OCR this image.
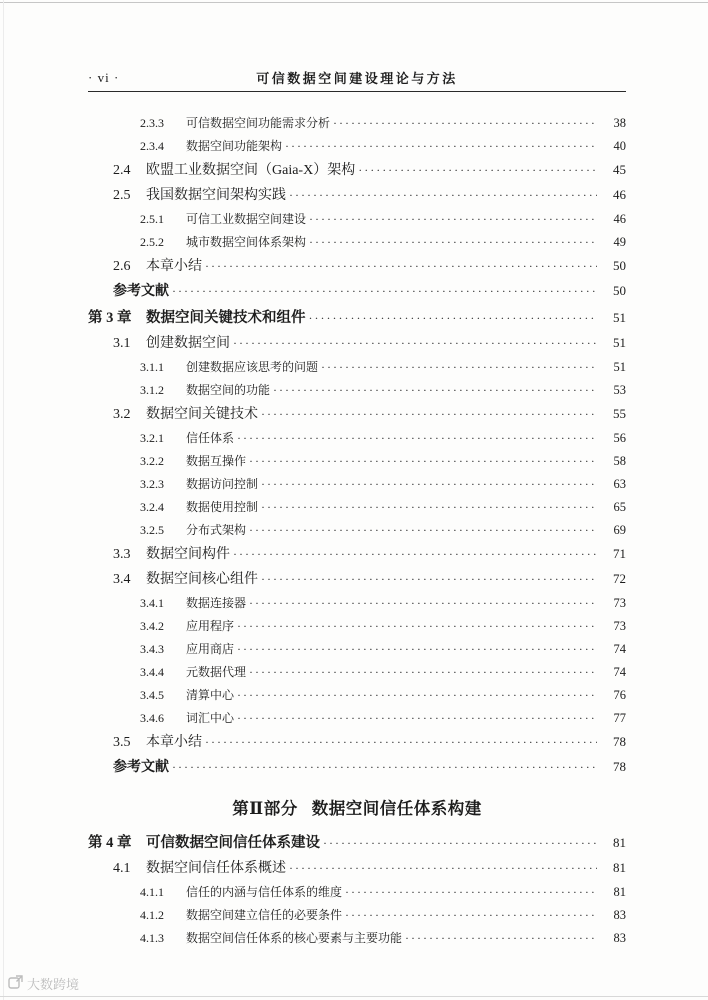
· vi ·	可信数据空间建设理论与方法
2.3.3	可信数据空间功能需求分析 ·····	38
2.3.4	数据空间功能架构 ·····	40
2.4	欧盟工业数据空间（Gaia-X）架构 ·····	45
2.5	我国数据空间架构实践 ·····	46
2.5.1	可信工业数据空间建设 ·····	46
2.5.2	城市数据空间体系架构 ·····	49
2.6	本章小结 ·····	50
参考文献 ·····	50
第 3 章	数据空间关键技术和组件 ·····	51
3.1	创建数据空间 ·····	51
3.1.1	创建数据应该思考的问题 ·····	51
3.1.2	数据空间的功能 ·····	53
3.2	数据空间关键技术 ·····	55
3.2.1	信任体系 ·····	56
3.2.2	数据互操作 ·····	58
3.2.3	数据访问控制 ·····	63
3.2.4	数据使用控制 ·····	65
3.2.5	分布式架构 ·····	69
3.3	数据空间构件 ·····	71
3.4	数据空间核心组件 ·····	72
3.4.1	数据连接器 ·····	73
3.4.2	应用程序 ·····	73
3.4.3	应用商店 ·····	74
3.4.4	元数据代理 ·····	74
3.4.5	清算中心 ·····	76
3.4.6	词汇中心 ·····	77
3.5	本章小结 ·····	78
参考文献 ·····	78
第Ⅱ部分 数据空间信任体系构建
第 4 章	可信数据空间信任体系建设 ·····	81
4.1	数据空间信任体系概述 ·····	81
4.1.1	信任的内涵与信任体系的维度 ·····	81
4.1.2	数据空间建立信任的必要条件 ·····	83
4.1.3	数据空间信任体系的核心要素与主要功能 ·····	83
大数跨境
